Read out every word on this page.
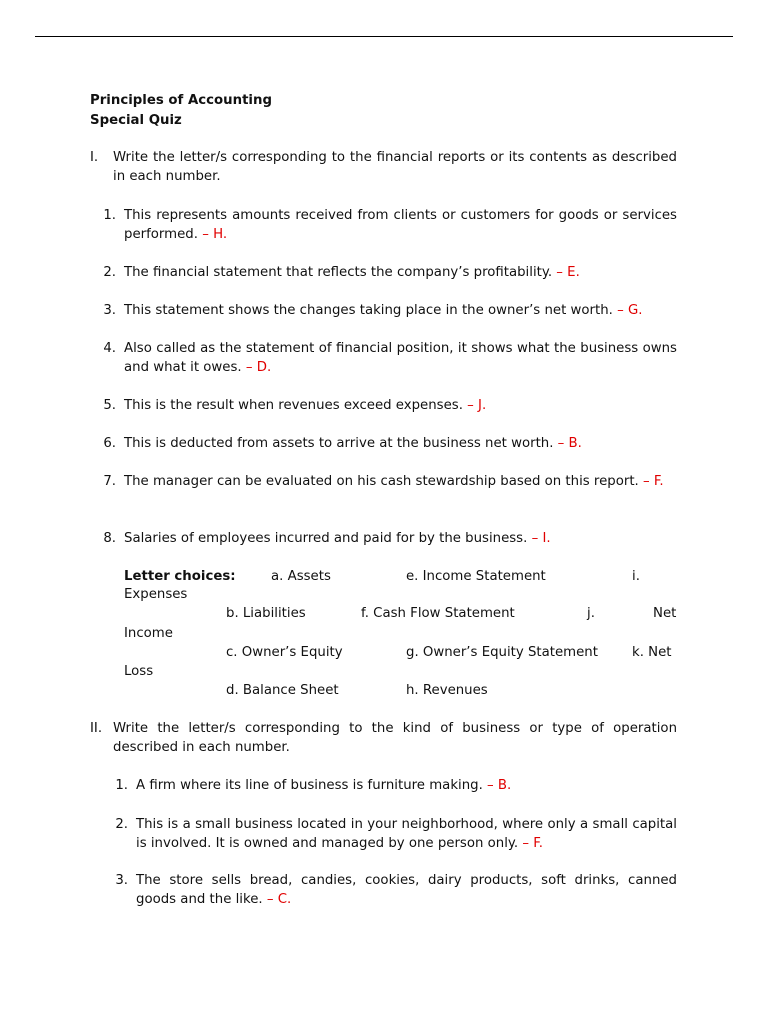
Principles of Accounting
Special Quiz
I. Write the letter/s corresponding to the financial reports or its contents as described in each number.
1. This represents amounts received from clients or customers for goods or services performed. – H.
2. The financial statement that reflects the company’s profitability. – E.
3. This statement shows the changes taking place in the owner’s net worth. – G.
4. Also called as the statement of financial position, it shows what the business owns and what it owes. – D.
5. This is the result when revenues exceed expenses. – J.
6. This is deducted from assets to arrive at the business net worth. – B.
7. The manager can be evaluated on his cash stewardship based on this report. – F.
8. Salaries of employees incurred and paid for by the business. – I.
Letter choices:	a. Assets	e. Income Statement	i.
Expenses
b. Liabilities	f. Cash Flow Statement	j.	Net
Income
c. Owner’s Equity	g. Owner’s Equity Statement	k. Net
Loss
d. Balance Sheet	h. Revenues
II. Write the letter/s corresponding to the kind of business or type of operation described in each number.
1. A firm where its line of business is furniture making. – B.
2. This is a small business located in your neighborhood, where only a small capital is involved. It is owned and managed by one person only. – F.
3. The store sells bread, candies, cookies, dairy products, soft drinks, canned goods and the like. – C.
